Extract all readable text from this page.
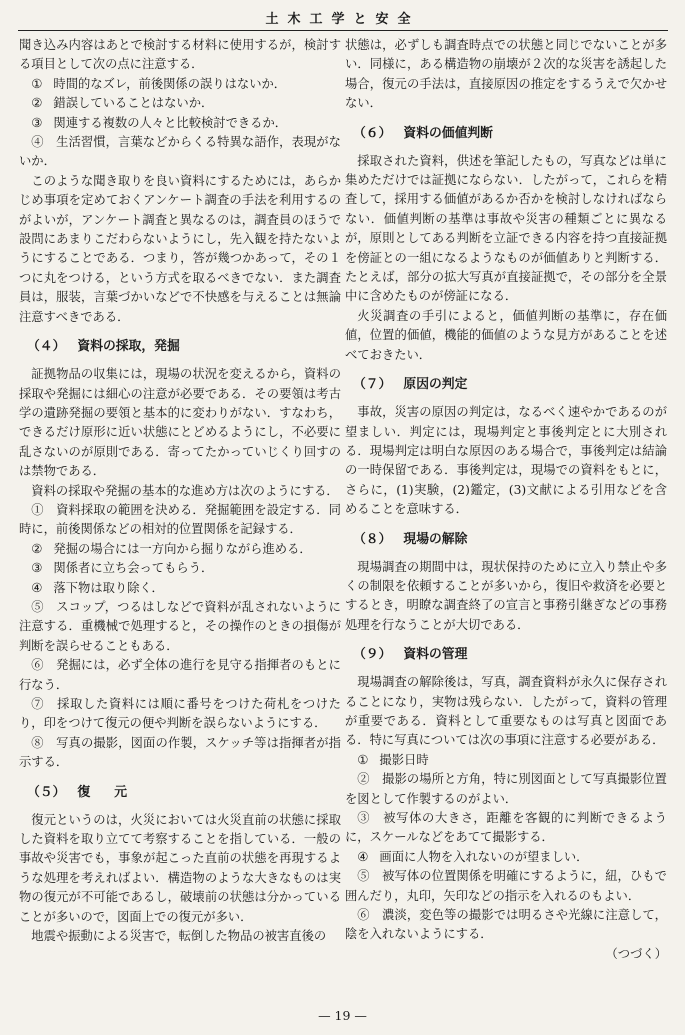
土木工学と安全

聞き込み内容はあとで検討する材料に使用するが，検討する項目として次の点に注意する．

① 時間的なズレ，前後関係の誤りはないか．
② 錯誤していることはないか．
③ 関連する複数の人々と比較検討できるか．
④　 生活習慣，言葉などからくる特異な語作，表現がないか．

このような聞き取りを良い資料にするためには，あらかじめ事項を定めておくアンケート調査の手法を利用するのがよいが，アンケート調査と異なるのは，調査員のほうで設問にあまりこだわらないようにし，先入観を持たないようにすることである．つまり，答が幾つかあって，その１つに丸をつける，という方式を取るべきでない．また調査員は，服装，言葉づかいなどで不快感を与えることは無論注意すべきである．

（４） 資料の採取，発掘

証拠物品の収集には，現場の状況を変えるから，資料の採取や発掘には細心の注意が必要である．その要領は考古学の遺跡発掘の要領と基本的に変わりがない．すなわち，できるだけ原形に近い状態にとどめるようにし，不必要に乱さないのが原則である．寄ってたかっていじくり回すのは禁物である．

資料の採取や発掘の基本的な進め方は次のようにする．

①　 資料採取の範囲を決める．発掘範囲を設定する．同時に，前後関係などの相対的位置関係を記録する．
② 発掘の場合には一方向から掘りながら進める．
③ 関係者に立ち会ってもらう．
④ 落下物は取り除く．
⑤　 スコップ，つるはしなどで資料が乱されないように注意する．重機械で処理すると，その操作のときの損傷が判断を誤らせることもある．
⑥　 発掘には，必ず全体の進行を見守る指揮者のもとに行なう．
⑦　 採取した資料には順に番号をつけた荷札をつけたり，印をつけて復元の便や判断を誤らないようにする．
⑧　 写真の撮影，図面の作製，スケッチ等は指揮者が指示する．
（５） 復元

復元というのは，火災においては火災直前の状態に採取した資料を取り立てて考察することを指している．一般の事故や災害でも，事象が起こった直前の状態を再現するような処理を考えればよい．構造物のような大きなものは実物の復元が不可能であるし，破壊前の状態は分かっていることが多いので，図面上での復元が多い．

地震や振動による災害で，転倒した物品の被害直後の

状態は，必ずしも調査時点での状態と同じでないことが多い．同様に，ある構造物の崩壊が２次的な災害を誘起した場合，復元の手法は，直接原因の推定をするうえで欠かせない．

（６） 資料の価値判断

採取された資料，供述を筆記したもの，写真などは単に集めただけでは証拠にならない．したがって，これらを精査して，採用する価値があるか否かを検討しなければならない．価値判断の基準は事故や災害の種類ごとに異なるが，原則としてある判断を立証できる内容を持つ直接証拠を傍証との一組になるようなものが価値ありと判断する．たとえば，部分の拡大写真が直接証拠で，その部分を全景中に含めたものが傍証になる．

火災調査の手引によると，価値判断の基準に，存在価値，位置的価値，機能的価値のような見方があることを述べておきたい．

（７） 原因の判定

事故，災害の原因の判定は，なるべく速やかであるのが望ましい．判定には，現場判定と事後判定とに大別される．現場判定は明白な原因のある場合で，事後判定は結論の一時保留である．事後判定は，現場での資料をもとに，さらに，(1)実験，(2)鑑定，(3)文献による引用などを含めることを意味する．

（８） 現場の解除

現場調査の期間中は，現状保持のために立入り禁止や多くの制限を依頼することが多いから，復旧や救済を必要とするとき，明瞭な調査終了の宣言と事務引継ぎなどの事務処理を行なうことが大切である．

（９） 資料の管理

現場調査の解除後は，写真，調査資料が永久に保存されることになり，実物は残らない．したがって，資料の管理が重要である．資料として重要なものは写真と図面である．特に写真については次の事項に注意する必要がある．

① 撮影日時
②　 撮影の場所と方角，特に別図面として写真撮影位置を図として作製するのがよい．
③　 被写体の大きさ，距離を客観的に判断できるように，スケールなどをあてて撮影する．
④ 画面に人物を入れないのが望ましい．
⑤　 被写体の位置関係を明確にするように，紐，ひもで囲んだり，丸印，矢印などの指示を入れるのもよい．
⑥　 濃淡，変色等の撮影では明るさや光線に注意して，陰を入れないようにする．
（つづく）
— 19 —
